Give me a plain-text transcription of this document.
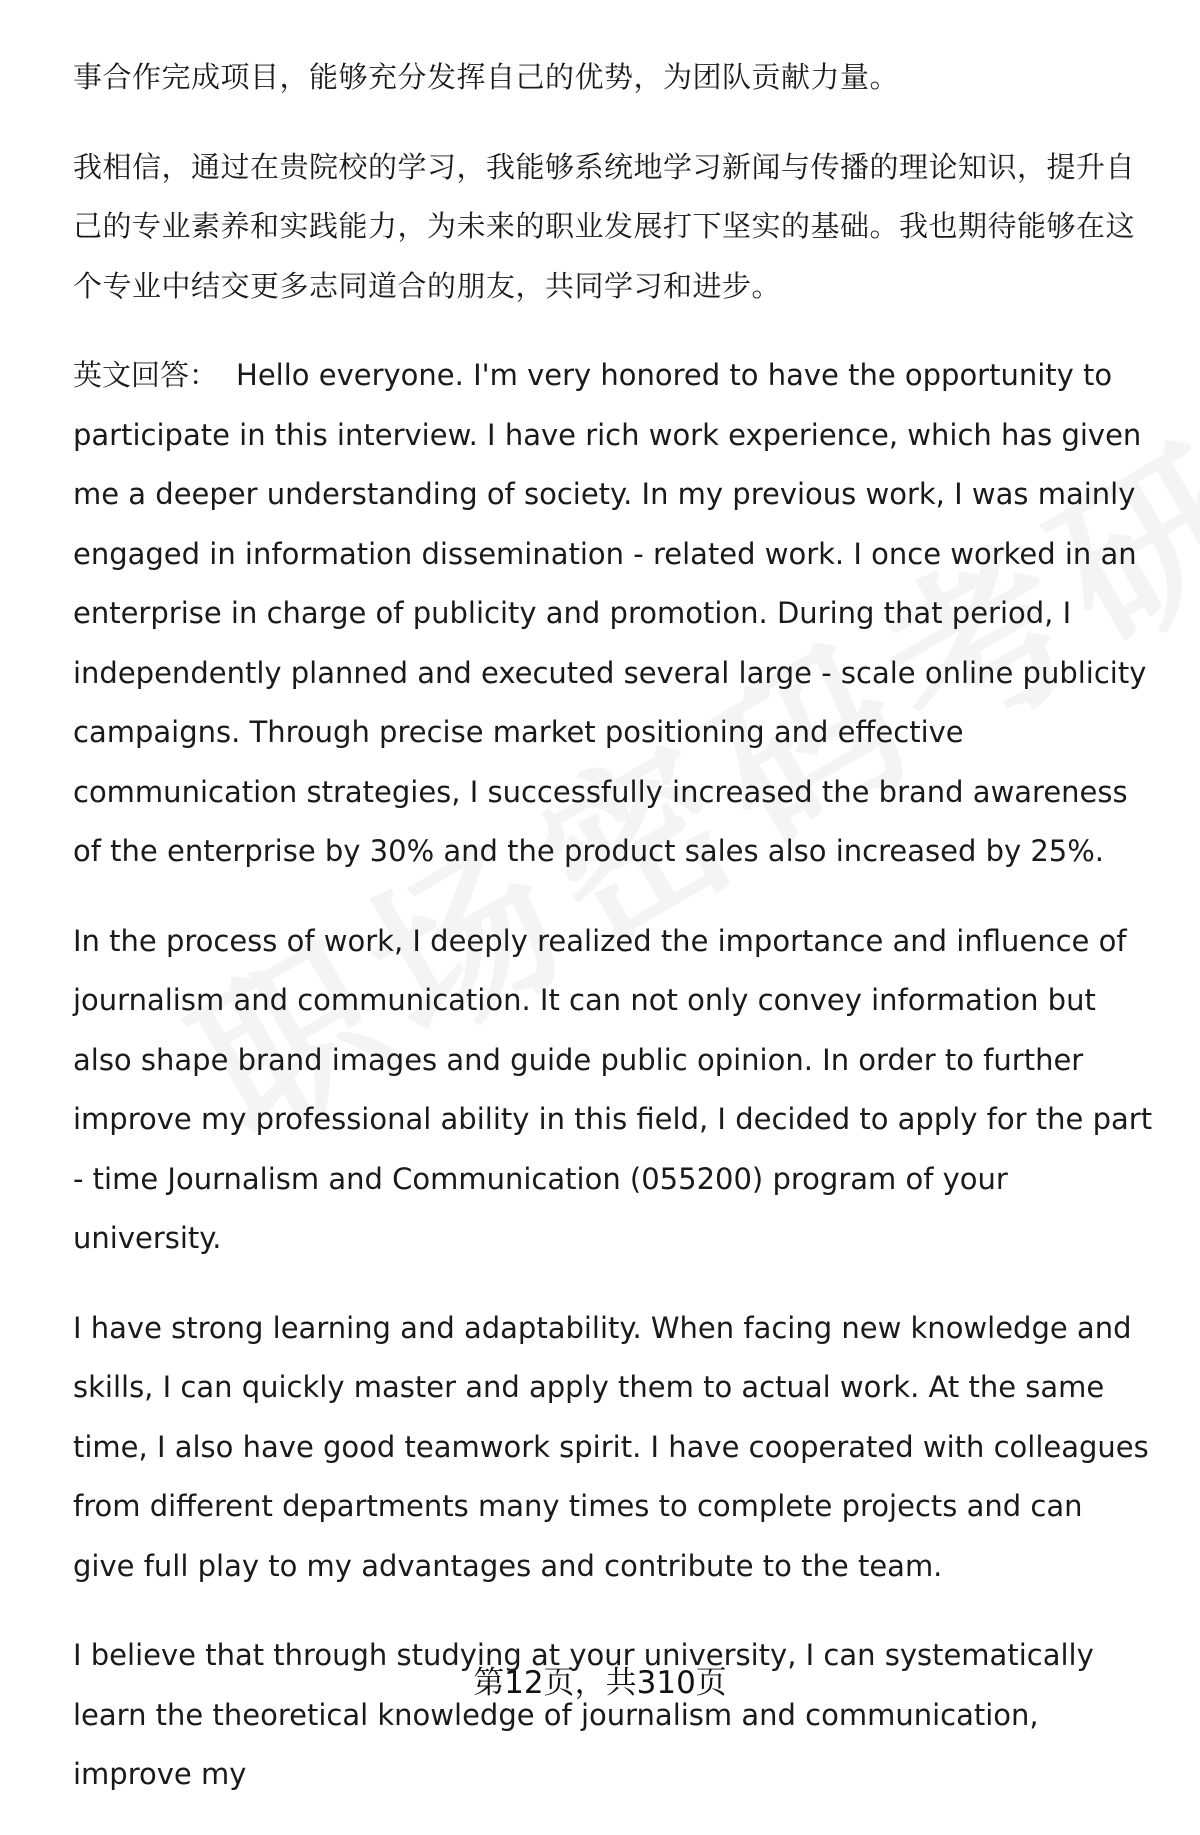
事合作完成项目，能够充分发挥自己的优势，为团队贡献力量。

我相信，通过在贵院校的学习，我能够系统地学习新闻与传播的理论知识，提升自己的专业素养和实践能力，为未来的职业发展打下坚实的基础。我也期待能够在这个专业中结交更多志同道合的朋友，共同学习和进步。

英文回答： Hello everyone. I'm very honored to have the opportunity to participate in this interview. I have rich work experience, which has given me a deeper understanding of society. In my previous work, I was mainly engaged in information dissemination - related work. I once worked in an enterprise in charge of publicity and promotion. During that period, I independently planned and executed several large - scale online publicity campaigns. Through precise market positioning and effective communication strategies, I successfully increased the brand awareness of the enterprise by 30% and the product sales also increased by 25%.

In the process of work, I deeply realized the importance and influence of journalism and communication. It can not only convey information but also shape brand images and guide public opinion. In order to further improve my professional ability in this field, I decided to apply for the part - time Journalism and Communication (055200) program of your university.

I have strong learning and adaptability. When facing new knowledge and skills, I can quickly master and apply them to actual work. At the same time, I also have good teamwork spirit. I have cooperated with colleagues from different departments many times to complete projects and can give full play to my advantages and contribute to the team.

I believe that through studying at your university, I can systematically learn the theoretical knowledge of journalism and communication, improve my

第12页，共310页
